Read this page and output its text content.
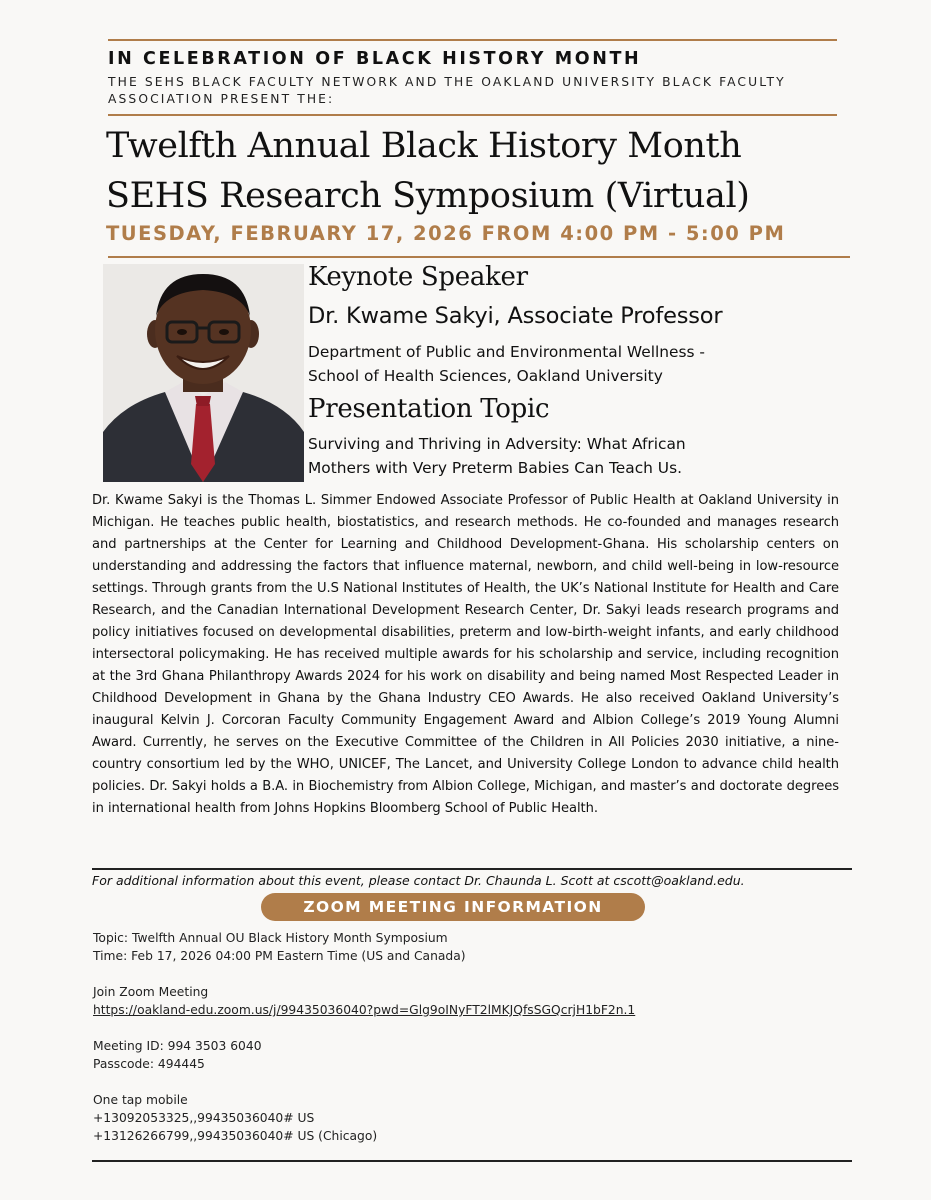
IN CELEBRATION OF BLACK HISTORY MONTH
THE SEHS BLACK FACULTY NETWORK AND THE OAKLAND UNIVERSITY BLACK FACULTY ASSOCIATION PRESENT THE:
Twelfth Annual Black History Month
SEHS Research Symposium (Virtual)
TUESDAY, FEBRUARY 17, 2026 FROM 4:00 PM - 5:00 PM
Keynote Speaker
Dr. Kwame Sakyi, Associate Professor
Department of Public and Environmental Wellness -
School of Health Sciences, Oakland University
Presentation Topic
Surviving and Thriving in Adversity: What African
Mothers with Very Preterm Babies Can Teach Us.
Dr. Kwame Sakyi is the Thomas L. Simmer Endowed Associate Professor of Public Health at Oakland University in Michigan. He teaches public health, biostatistics, and research methods. He co-founded and manages research and partnerships at the Center for Learning and Childhood Development-Ghana. His scholarship centers on understanding and addressing the factors that influence maternal, newborn, and child well-being in low-resource settings. Through grants from the U.S National Institutes of Health, the UK’s National Institute for Health and Care Research, and the Canadian International Development Research Center, Dr. Sakyi leads research programs and policy initiatives focused on developmental disabilities, preterm and low-birth-weight infants, and early childhood intersectoral policymaking. He has received multiple awards for his scholarship and service, including recognition at the 3rd Ghana Philanthropy Awards 2024 for his work on disability and being named Most Respected Leader in Childhood Development in Ghana by the Ghana Industry CEO Awards. He also received Oakland University’s inaugural Kelvin J. Corcoran Faculty Community Engagement Award and Albion College’s 2019 Young Alumni Award. Currently, he serves on the Executive Committee of the Children in All Policies 2030 initiative, a nine-country consortium led by the WHO, UNICEF, The Lancet, and University College London to advance child health policies. Dr. Sakyi holds a B.A. in Biochemistry from Albion College, Michigan, and master’s and doctorate degrees in international health from Johns Hopkins Bloomberg School of Public Health.
For additional information about this event, please contact Dr. Chaunda L. Scott at cscott@oakland.edu.
ZOOM MEETING INFORMATION
Topic: Twelfth Annual OU Black History Month Symposium
Time: Feb 17, 2026 04:00 PM Eastern Time (US and Canada)
Join Zoom Meeting
https://oakland-edu.zoom.us/j/99435036040?pwd=Glg9oINyFT2lMKJQfsSGQcrjH1bF2n.1
Meeting ID: 994 3503 6040
Passcode: 494445
One tap mobile
+13092053325,,99435036040# US
+13126266799,,99435036040# US (Chicago)
